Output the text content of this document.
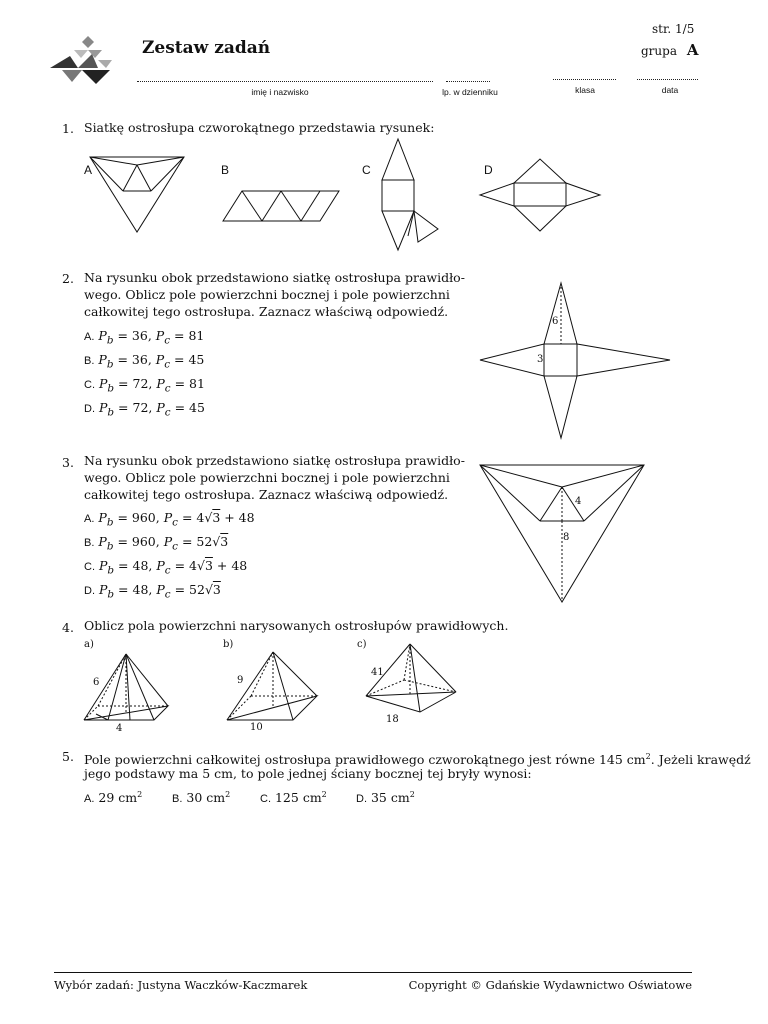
Zestaw zadań
str. 1/5
grupa A
imię i nazwisko	lp. w dzienniku	klasa	data
1. Siatkę ostrosłupa czworokątnego przedstawia rysunek:
A	B	C	D
2. Na rysunku obok przedstawiono siatkę ostrosłupa prawidło-
wego. Oblicz pole powierzchni bocznej i pole powierzchni
całkowitej tego ostrosłupa. Zaznacz właściwą odpowiedź.
A. $P_b = 36$, $P_c = 81$
B. $P_b = 36$, $P_c = 45$
C. $P_b = 72$, $P_c = 81$
D. $P_b = 72$, $P_c = 45$
6
3
3. Na rysunku obok przedstawiono siatkę ostrosłupa prawidło-
wego. Oblicz pole powierzchni bocznej i pole powierzchni
całkowitej tego ostrosłupa. Zaznacz właściwą odpowiedź.
A. $P_b = 960$, $P_c = 4√3 + 48$
B. $P_b = 960$, $P_c = 52√3$
C. $P_b = 48$, $P_c = 4√3 + 48$
D. $P_b = 48$, $P_c = 52√3$
4
8
4. Oblicz pola powierzchni narysowanych ostrosłupów prawidłowych.
a)
6
4
b)
9
10
c)
41
18
5. Pole powierzchni całkowitej ostrosłupa prawidłowego czworokątnego jest równe 145 $cm^2$. Jeżeli krawędź
jego podstawy ma 5 cm, to pole jednej ściany bocznej tej bryły wynosi:
A. 29 $cm^2$	B. 30 $cm^2$	C. 125 $cm^2$	D. 35 $cm^2$
Wybór zadań: Justyna Waczków-Kaczmarek	Copyright © Gdańskie Wydawnictwo Oświatowe
